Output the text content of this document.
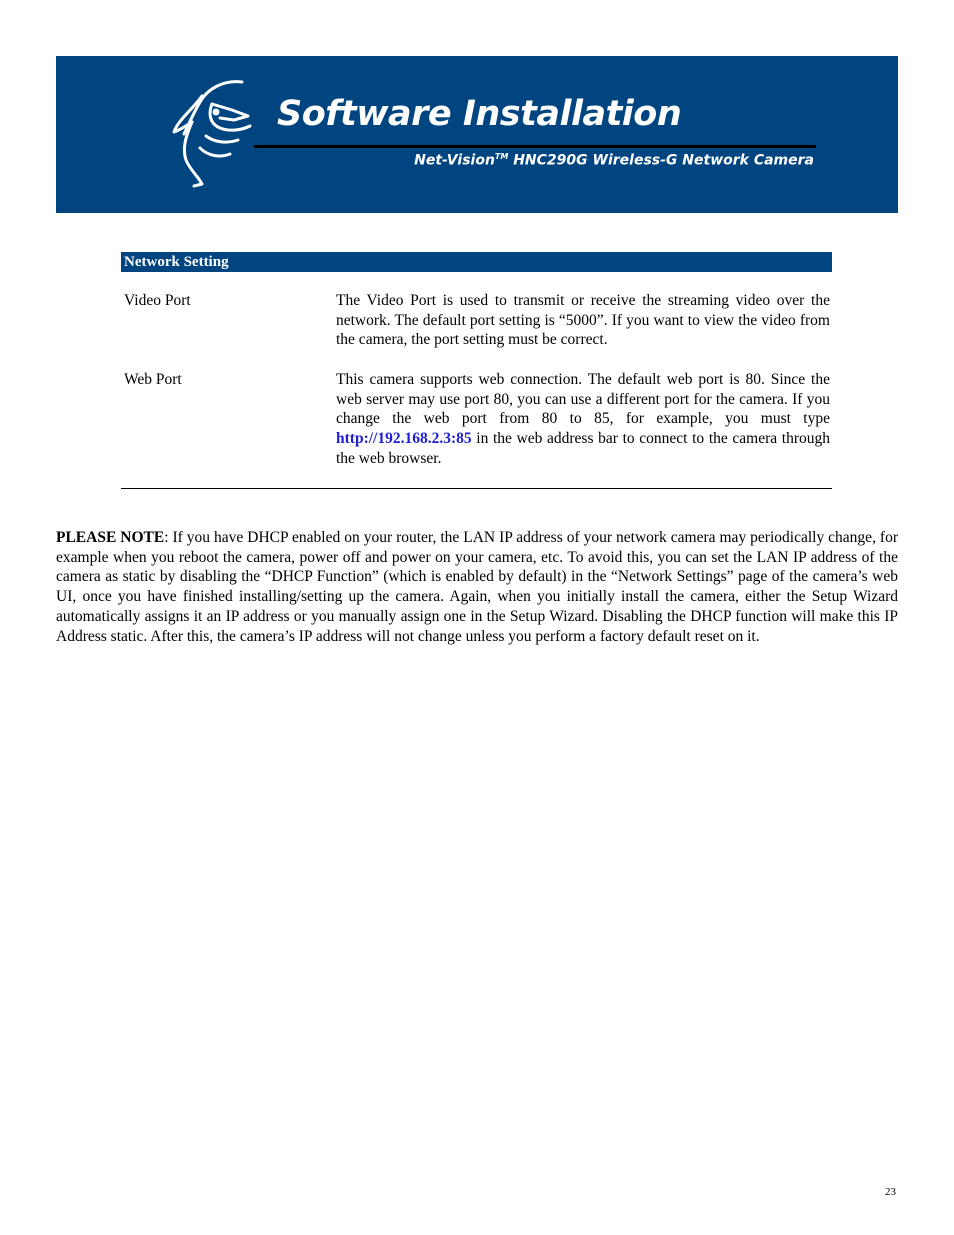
Software Installation
Net-Vision™ HNC290G Wireless-G Network Camera
Network Setting
Video Port	The Video Port is used to transmit or receive the streaming video over the network. The default port setting is “5000”. If you want to view the video from the camera, the port setting must be correct.
Web Port	This camera supports web connection. The default web port is 80. Since the web server may use port 80, you can use a different port for the camera. If you change the web port from 80 to 85, for example, you must type http://192.168.2.3:85 in the web address bar to connect to the camera through the web browser.
PLEASE NOTE: If you have DHCP enabled on your router, the LAN IP address of your network camera may periodically change, for example when you reboot the camera, power off and power on your camera, etc. To avoid this, you can set the LAN IP address of the camera as static by disabling the “DHCP Function” (which is enabled by default) in the “Network Settings” page of the camera’s web UI, once you have finished installing/setting up the camera. Again, when you initially install the camera, either the Setup Wizard automatically assigns it an IP address or you manually assign one in the Setup Wizard. Disabling the DHCP function will make this IP Address static. After this, the camera’s IP address will not change unless you perform a factory default reset on it.
23
